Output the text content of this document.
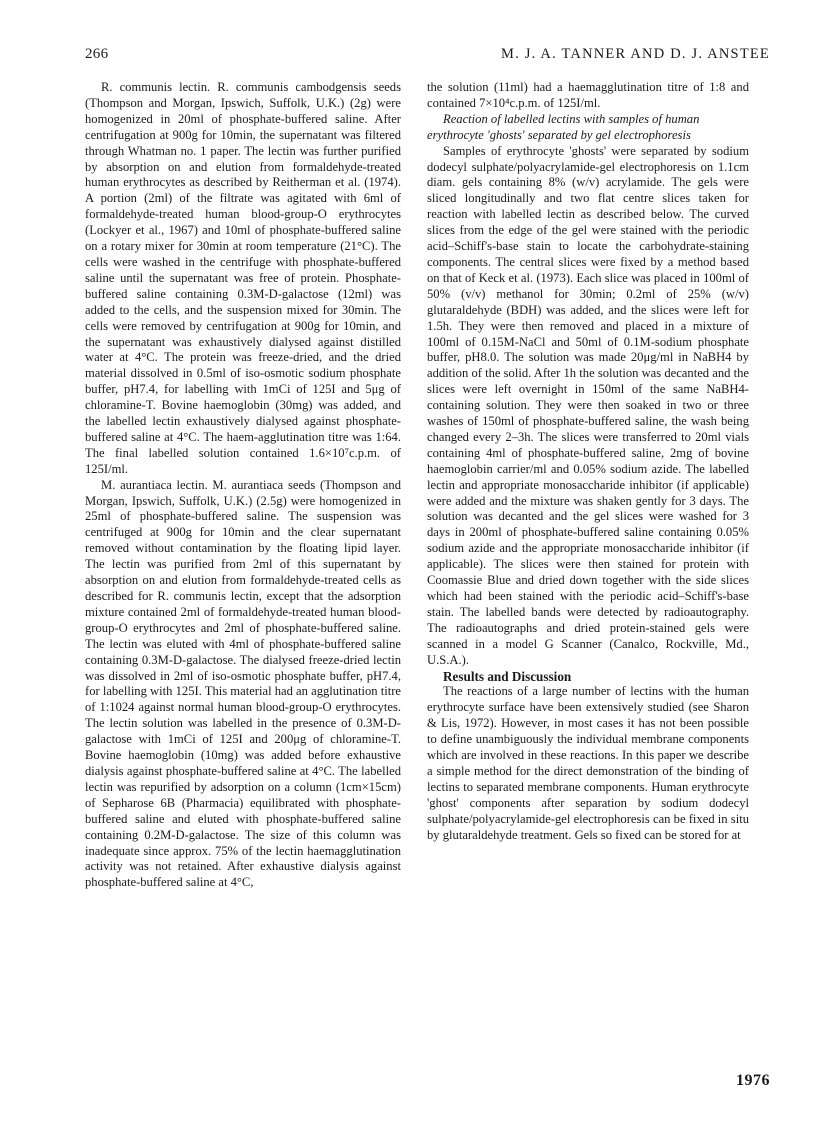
266	M. J. A. TANNER AND D. J. ANSTEE

R. communis lectin. R. communis cambodgensis seeds (Thompson and Morgan, Ipswich, Suffolk, U.K.) (2g) were homogenized in 20ml of phosphate-buffered saline. After centrifugation at 900g for 10min, the supernatant was filtered through Whatman no. 1 paper. The lectin was further purified by absorption on and elution from formaldehyde-treated human erythrocytes as described by Reitherman et al. (1974). A portion (2ml) of the filtrate was agitated with 6ml of formaldehyde-treated human blood-group-O erythrocytes (Lockyer et al., 1967) and 10ml of phosphate-buffered saline on a rotary mixer for 30min at room temperature (21°C). The cells were washed in the centrifuge with phosphate-buffered saline until the supernatant was free of protein. Phosphate-buffered saline containing 0.3M-D-galactose (12ml) was added to the cells, and the suspension mixed for 30min. The cells were removed by centrifugation at 900g for 10min, and the supernatant was exhaustively dialysed against distilled water at 4°C. The protein was freeze-dried, and the dried material dissolved in 0.5ml of iso-osmotic sodium phosphate buffer, pH7.4, for labelling with 1mCi of 125I and 5μg of chloramine-T. Bovine haemoglobin (30mg) was added, and the labelled lectin exhaustively dialysed against phosphate-buffered saline at 4°C. The haem-agglutination titre was 1:64. The final labelled solution contained 1.6×10⁷c.p.m. of 125I/ml.

M. aurantiaca lectin. M. aurantiaca seeds (Thompson and Morgan, Ipswich, Suffolk, U.K.) (2.5g) were homogenized in 25ml of phosphate-buffered saline. The suspension was centrifuged at 900g for 10min and the clear supernatant removed without contamination by the floating lipid layer. The lectin was purified from 2ml of this supernatant by absorption on and elution from formaldehyde-treated cells as described for R. communis lectin, except that the adsorption mixture contained 2ml of formaldehyde-treated human blood-group-O erythrocytes and 2ml of phosphate-buffered saline. The lectin was eluted with 4ml of phosphate-buffered saline containing 0.3M-D-galactose. The dialysed freeze-dried lectin was dissolved in 2ml of iso-osmotic phosphate buffer, pH7.4, for labelling with 125I. This material had an agglutination titre of 1:1024 against normal human blood-group-O erythrocytes. The lectin solution was labelled in the presence of 0.3M-D-galactose with 1mCi of 125I and 200μg of chloramine-T. Bovine haemoglobin (10mg) was added before exhaustive dialysis against phosphate-buffered saline at 4°C. The labelled lectin was repurified by adsorption on a column (1cm×15cm) of Sepharose 6B (Pharmacia) equilibrated with phosphate-buffered saline and eluted with phosphate-buffered saline containing 0.2M-D-galactose. The size of this column was inadequate since approx. 75% of the lectin haemagglutination activity was not retained. After exhaustive dialysis against phosphate-buffered saline at 4°C,

the solution (11ml) had a haemagglutination titre of 1:8 and contained 7×10⁴c.p.m. of 125I/ml.

Reaction of labelled lectins with samples of human erythrocyte 'ghosts' separated by gel electrophoresis

Samples of erythrocyte 'ghosts' were separated by sodium dodecyl sulphate/polyacrylamide-gel electrophoresis on 1.1cm diam. gels containing 8% (w/v) acrylamide. The gels were sliced longitudinally and two flat centre slices taken for reaction with labelled lectin as described below. The curved slices from the edge of the gel were stained with the periodic acid–Schiff's-base stain to locate the carbohydrate-staining components. The central slices were fixed by a method based on that of Keck et al. (1973). Each slice was placed in 100ml of 50% (v/v) methanol for 30min; 0.2ml of 25% (w/v) glutaraldehyde (BDH) was added, and the slices were left for 1.5h. They were then removed and placed in a mixture of 100ml of 0.15M-NaCl and 50ml of 0.1M-sodium phosphate buffer, pH8.0. The solution was made 20μg/ml in NaBH4 by addition of the solid. After 1h the solution was decanted and the slices were left overnight in 150ml of the same NaBH4-containing solution. They were then soaked in two or three washes of 150ml of phosphate-buffered saline, the wash being changed every 2–3h. The slices were transferred to 20ml vials containing 4ml of phosphate-buffered saline, 2mg of bovine haemoglobin carrier/ml and 0.05% sodium azide. The labelled lectin and appropriate monosaccharide inhibitor (if applicable) were added and the mixture was shaken gently for 3 days. The solution was decanted and the gel slices were washed for 3 days in 200ml of phosphate-buffered saline containing 0.05% sodium azide and the appropriate monosaccharide inhibitor (if applicable). The slices were then stained for protein with Coomassie Blue and dried down together with the side slices which had been stained with the periodic acid–Schiff's-base stain. The labelled bands were detected by radioautography. The radioautographs and dried protein-stained gels were scanned in a model G Scanner (Canalco, Rockville, Md., U.S.A.).

Results and Discussion

The reactions of a large number of lectins with the human erythrocyte surface have been extensively studied (see Sharon & Lis, 1972). However, in most cases it has not been possible to define unambiguously the individual membrane components which are involved in these reactions. In this paper we describe a simple method for the direct demonstration of the binding of lectins to separated membrane components. Human erythrocyte 'ghost' components after separation by sodium dodecyl sulphate/polyacrylamide-gel electrophoresis can be fixed in situ by glutaraldehyde treatment. Gels so fixed can be stored for at

1976
